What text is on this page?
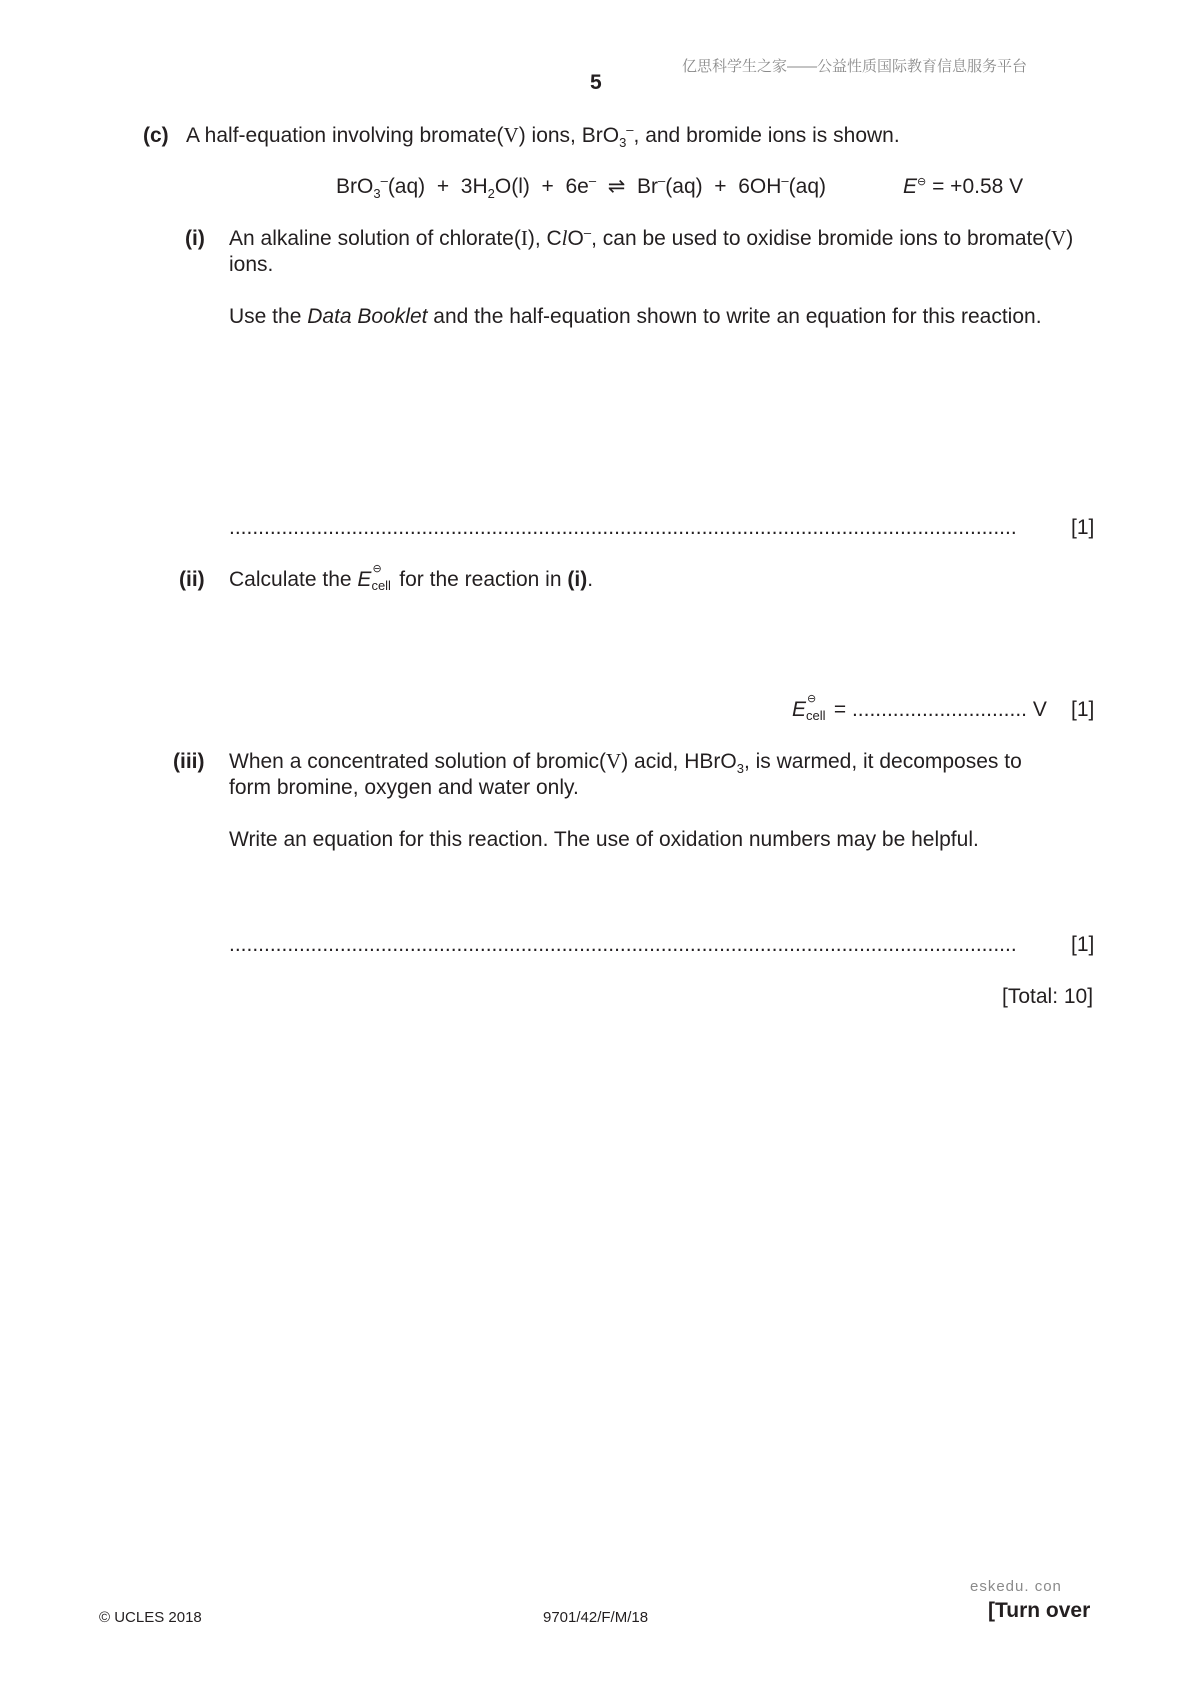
亿思科学生之家——公益性质国际教育信息服务平台
5
(c) A half-equation involving bromate(V) ions, BrO$_3$–, and bromide ions is shown.
$BrO_3^-(aq) + 3H_2O(l) + 6e^-$ ⇌ Br–(aq) + 6OH–(aq)	E⊖ = +0.58 V
(i) An alkaline solution of chlorate(I), ClO–, can be used to oxidise bromide ions to bromate(V)
ions.
Use the Data Booklet and the half-equation shown to write an equation for this reaction.
.......................................................................................................................................	[1]
(ii) Calculate the E ⊖
cell for the reaction in (i).
E ⊖
cell = .............................. V [1]
(iii) When a concentrated solution of bromic(V) acid, HBrO$_3$, is warmed, it decomposes to
form bromine, oxygen and water only.
Write an equation for this reaction. The use of oxidation numbers may be helpful.
.......................................................................................................................................	[1]
[Total: 10]
eskedu. con
© UCLES 2018	9701/42/F/M/18	[Turn over
